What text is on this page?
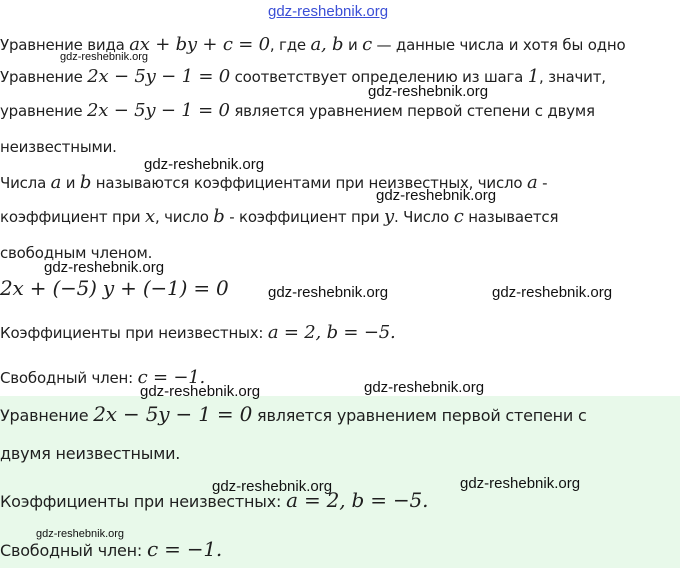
gdz-reshebnik.org
Уравнение вида ax + by + c = 0, где a, b и c — данные числа и хотя бы одно
Уравнение 2x − 5y − 1 = 0 соответствует определению из шага 1, значит,
уравнение 2x − 5y − 1 = 0 является уравнением первой степени с двумя
неизвестными.
Числа a и b называются коэффициентами при неизвестных, число a -
коэффициент при x, число b - коэффициент при y. Число c называется
свободным членом.
2x + (−5) y + (−1) = 0
Коэффициенты при неизвестных: a = 2, b = −5.
Свободный член: c = −1.
Уравнение 2x − 5y − 1 = 0 является уравнением первой степени с
двумя неизвестными.
Коэффициенты при неизвестных: a = 2, b = −5.
Свободный член: c = −1.
gdz-reshebnik.org
gdz-reshebnik.org
gdz-reshebnik.org
gdz-reshebnik.org
gdz-reshebnik.org
gdz-reshebnik.org	gdz-reshebnik.org
gdz-reshebnik.org	gdz-reshebnik.org
gdz-reshebnik.org	gdz-reshebnik.org
gdz-reshebnik.org
